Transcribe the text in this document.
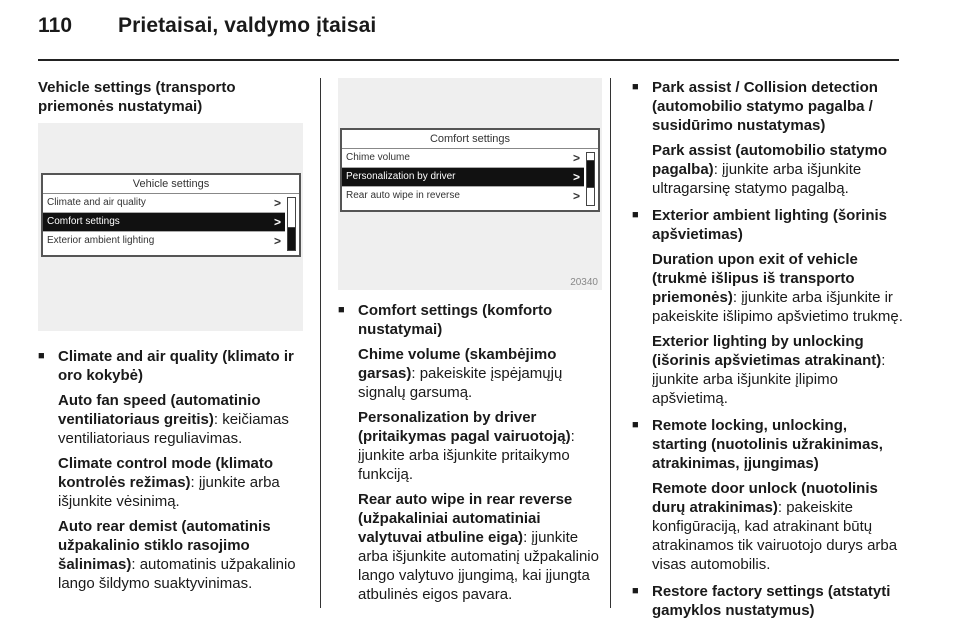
110 Prietaisai, valdymo įtaisai
Vehicle settings (transporto priemonės nustatymai)
Vehicle settings
Climate and air quality	>
Comfort settings	>
Exterior ambient lighting	>
■ Climate and air quality (klimato ir oro kokybė)
Auto fan speed (automatinio ventiliatoriaus greitis): keičiamas ventiliatoriaus reguliavimas.
Climate control mode (klimato kontrolės režimas): įjunkite arba išjunkite vėsinimą.
Auto rear demist (automatinis užpakalinio stiklo rasojimo šalinimas): automatinis užpakalinio lango šildymo suaktyvinimas.
Comfort settings
Chime volume	>
Personalization by driver	>
Rear auto wipe in reverse	>
20340
■ Comfort settings (komforto nustatymai)
Chime volume (skambėjimo garsas): pakeiskite įspėjamųjų signalų garsumą.
Personalization by driver (pritaikymas pagal vairuotoją): įjunkite arba išjunkite pritaikymo funkciją.
Rear auto wipe in rear reverse (užpakaliniai automatiniai valytuvai atbuline eiga): įjunkite arba išjunkite automatinį užpakalinio lango valytuvo įjungimą, kai įjungta atbulinės eigos pavara.
■ Park assist / Collision detection (automobilio statymo pagalba / susidūrimo nustatymas)
Park assist (automobilio statymo pagalba): įjunkite arba išjunkite ultragarsinę statymo pagalbą.
■ Exterior ambient lighting (šorinis apšvietimas)
Duration upon exit of vehicle (trukmė išlipus iš transporto priemonės): įjunkite arba išjunkite ir pakeiskite išlipimo apšvietimo trukmę.
Exterior lighting by unlocking (išorinis apšvietimas atrakinant): įjunkite arba išjunkite įlipimo apšvietimą.
■ Remote locking, unlocking, starting (nuotolinis užrakinimas, atrakinimas, įjungimas)
Remote door unlock (nuotolinis durų atrakinimas): pakeiskite konfigūraciją, kad atrakinant būtų atrakinamos tik vairuotojo durys arba visas automobilis.
■ Restore factory settings (atstatyti gamyklos nustatymus)
